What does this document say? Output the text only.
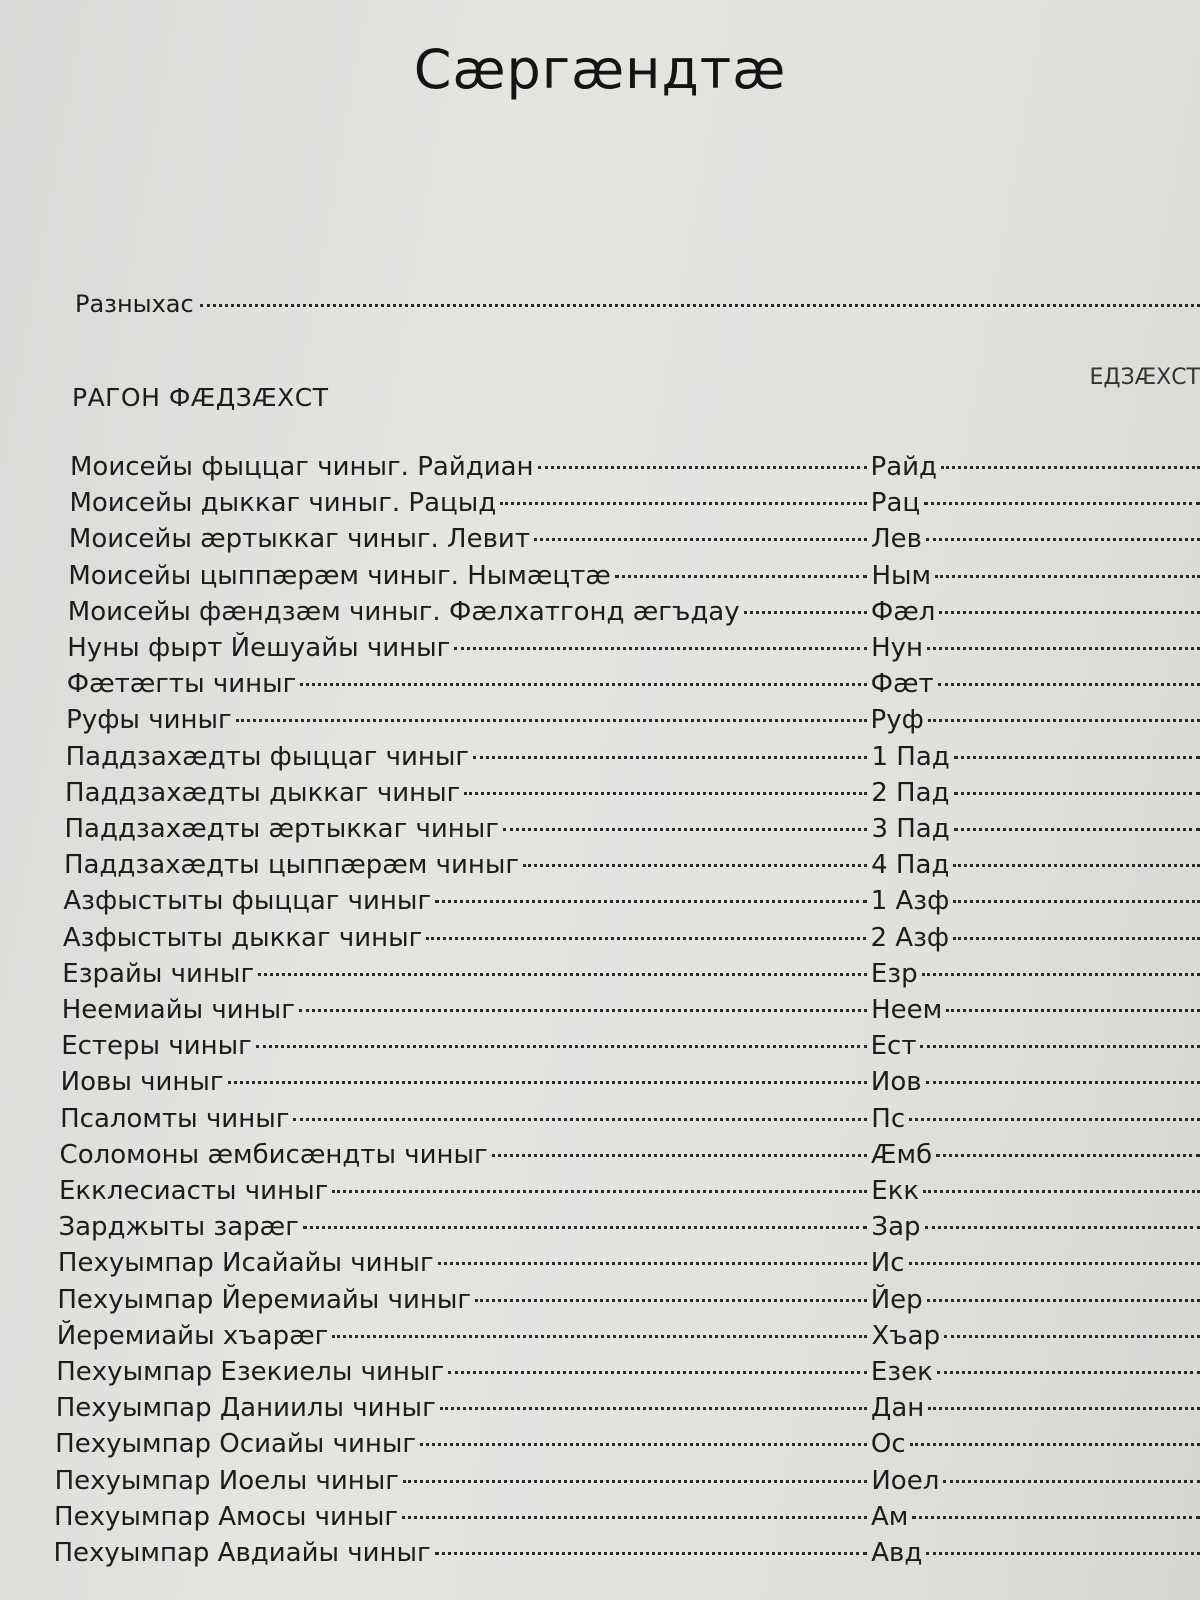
Сæргæндтæ
ЕДЗÆХСТ
Разныхас
РАГОН ФÆДЗÆХСТ
Моисейы фыццаг чиныг. Райдиан	Райд
Моисейы дыккаг чиныг. Рацыд	Рац
Моисейы æртыккаг чиныг. Левит	Лев
Моисейы цыппæрæм чиныг. Нымæцтæ	Ным
Моисейы фæндзæм чиныг. Фæлхатгонд æгъдау	Фæл
Нуны фырт Йешуайы чиныг	Нун
Фæтæгты чиныг	Фæт
Руфы чиныг	Руф
Паддзахæдты фыццаг чиныг	1 Пад
Паддзахæдты дыккаг чиныг	2 Пад
Паддзахæдты æртыккаг чиныг	3 Пад
Паддзахæдты цыппæрæм чиныг	4 Пад
Азфыстыты фыццаг чиныг	1 Азф
Азфыстыты дыккаг чиныг	2 Азф
Езрайы чиныг	Езр
Неемиайы чиныг	Неем
Естеры чиныг	Ест
Иовы чиныг	Иов
Псаломты чиныг	Пс
Соломоны æмбисæндты чиныг	Æмб
Екклесиасты чиныг	Екк
Зарджыты зарæг	Зар
Пехуымпар Исайайы чиныг	Ис
Пехуымпар Йеремиайы чиныг	Йер
Йеремиайы хъарæг	Хъар
Пехуымпар Езекиелы чиныг	Езек
Пехуымпар Даниилы чиныг	Дан
Пехуымпар Осиайы чиныг	Ос
Пехуымпар Иоелы чиныг	Иоел
Пехуымпар Амосы чиныг	Ам
Пехуымпар Авдиайы чиныг	Авд
